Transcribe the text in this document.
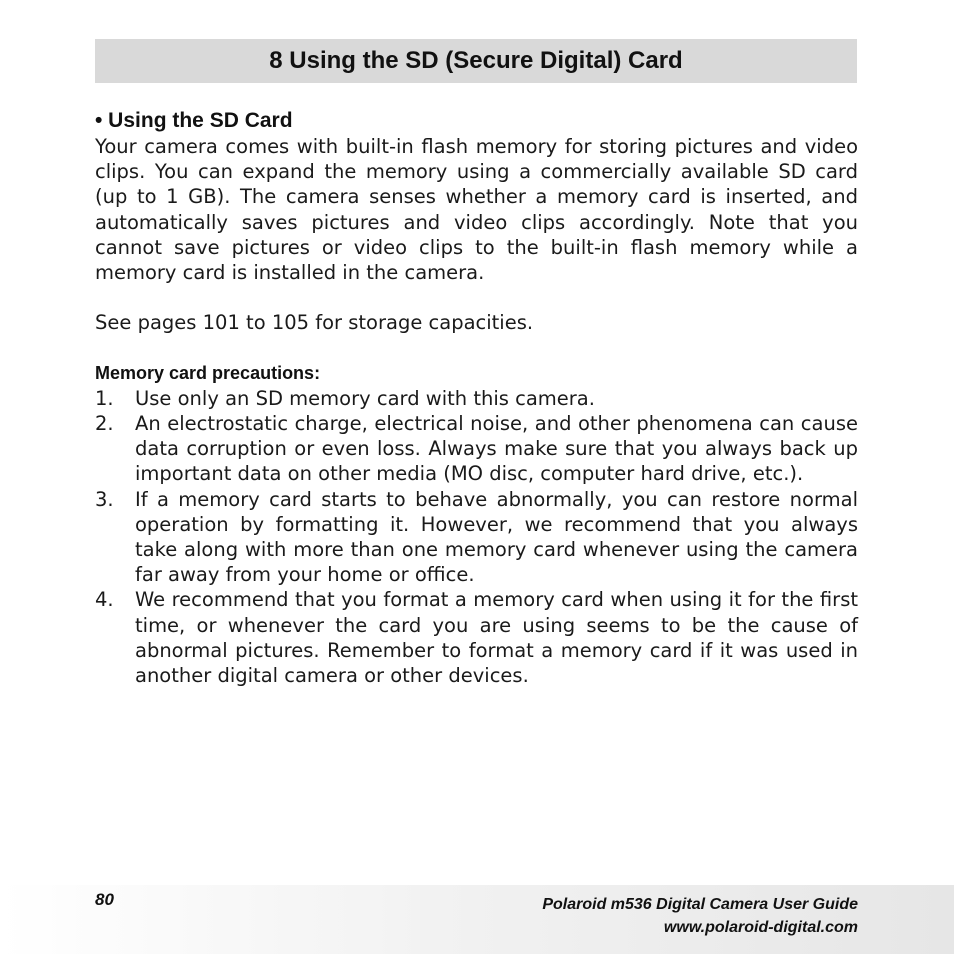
8 Using the SD (Secure Digital) Card

• Using the SD Card

Your camera comes with built-in flash memory for storing pictures and video clips. You can expand the memory using a commercially available SD card (up to 1 GB). The camera senses whether a memory card is inserted, and automatically saves pictures and video clips accordingly. Note that you cannot save pictures or video clips to the built-in flash memory while a memory card is installed in the camera.

See pages 101 to 105 for storage capacities.

Memory card precautions:

1.	Use only an SD memory card with this camera.
2.	An electrostatic charge, electrical noise, and other phenomena can cause data corruption or even loss. Always make sure that you always back up important data on other media (MO disc, computer hard drive, etc.).
3.	If a memory card starts to behave abnormally, you can restore normal operation by formatting it. However, we recommend that you always take along with more than one memory card whenever using the camera far away from your home or office.
4.	We recommend that you format a memory card when using it for the first time, or whenever the card you are using seems to be the cause of abnormal pictures. Remember to format a memory card if it was used in another digital camera or other devices.
80	Polaroid m536 Digital Camera User Guide
www.polaroid-digital.com
